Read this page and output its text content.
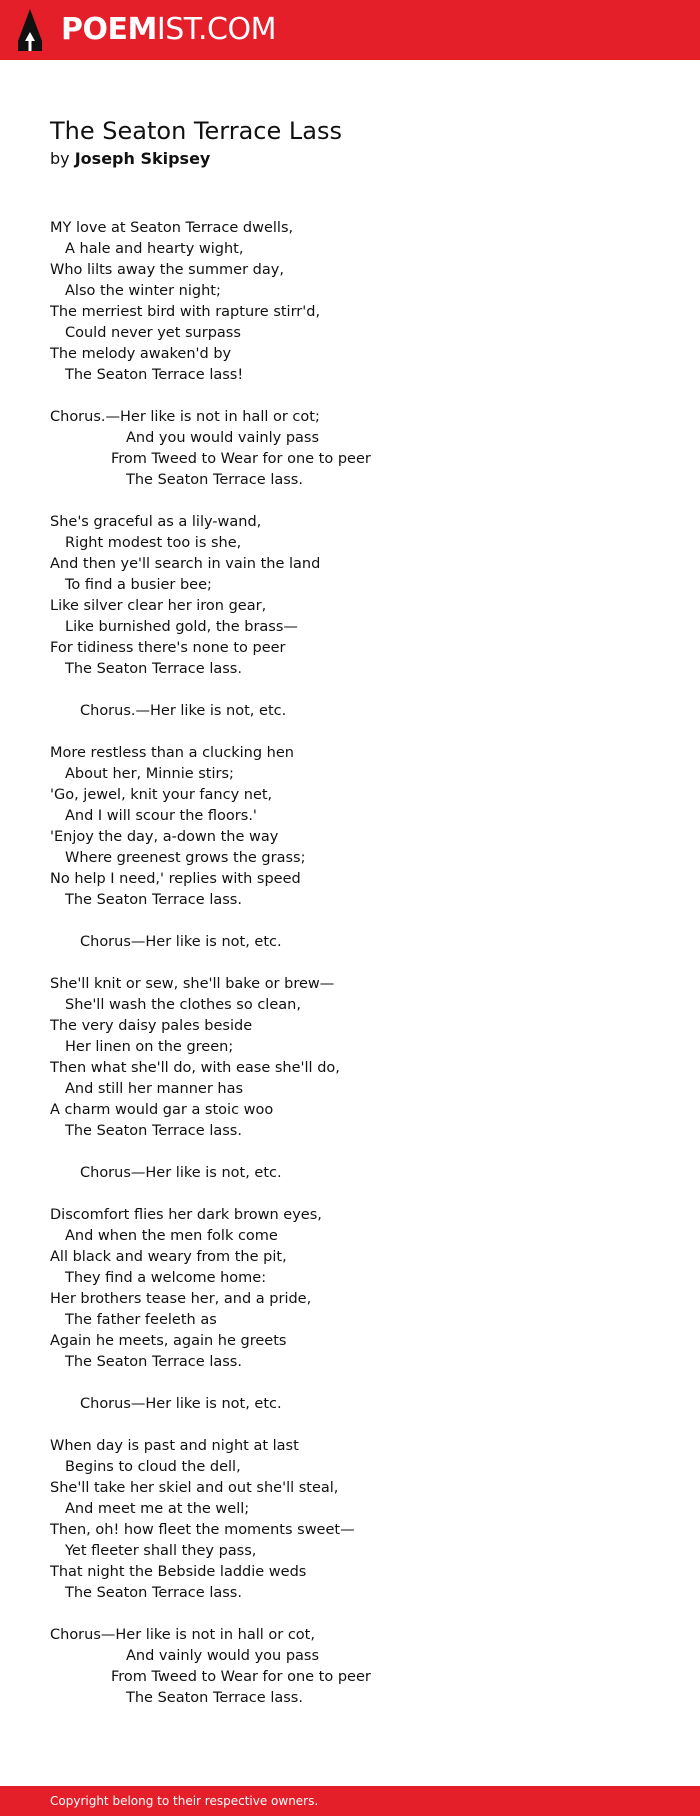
POEMIST.COM
The Seaton Terrace Lass
by Joseph Skipsey
MY love at Seaton Terrace dwells,
A hale and hearty wight,
Who lilts away the summer day,
Also the winter night;
The merriest bird with rapture stirr'd,
Could never yet surpass
The melody awaken'd by
The Seaton Terrace lass!
Chorus.—Her like is not in hall or cot;
And you would vainly pass
From Tweed to Wear for one to peer
The Seaton Terrace lass.
She's graceful as a lily-wand,
Right modest too is she,
And then ye'll search in vain the land
To find a busier bee;
Like silver clear her iron gear,
Like burnished gold, the brass—
For tidiness there's none to peer
The Seaton Terrace lass.
Chorus.—Her like is not, etc.
More restless than a clucking hen
About her, Minnie stirs;
'Go, jewel, knit your fancy net,
And I will scour the floors.'
'Enjoy the day, a-down the way
Where greenest grows the grass;
No help I need,' replies with speed
The Seaton Terrace lass.
Chorus—Her like is not, etc.
She'll knit or sew, she'll bake or brew—
She'll wash the clothes so clean,
The very daisy pales beside
Her linen on the green;
Then what she'll do, with ease she'll do,
And still her manner has
A charm would gar a stoic woo
The Seaton Terrace lass.
Chorus—Her like is not, etc.
Discomfort flies her dark brown eyes,
And when the men folk come
All black and weary from the pit,
They find a welcome home:
Her brothers tease her, and a pride,
The father feeleth as
Again he meets, again he greets
The Seaton Terrace lass.
Chorus—Her like is not, etc.
When day is past and night at last
Begins to cloud the dell,
She'll take her skiel and out she'll steal,
And meet me at the well;
Then, oh! how fleet the moments sweet—
Yet fleeter shall they pass,
That night the Bebside laddie weds
The Seaton Terrace lass.
Chorus—Her like is not in hall or cot,
And vainly would you pass
From Tweed to Wear for one to peer
The Seaton Terrace lass.
Copyright belong to their respective owners.
